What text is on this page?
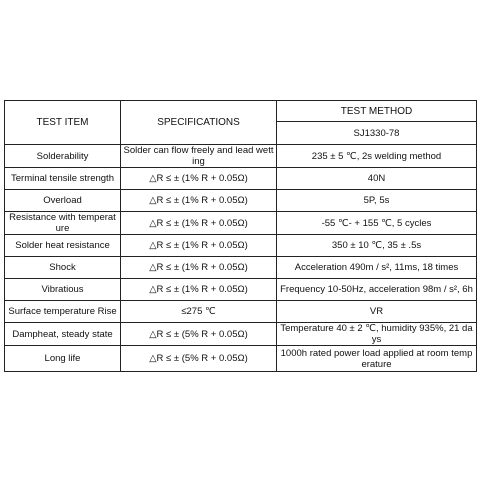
TEST ITEM	SPECIFICATIONS	TEST METHOD
		SJ1330-78
Solderability	Solder can flow freely and lead wetting	235 ± 5 ℃, 2s welding method
Terminal tensile strength	△R ≤ ± (1% R + 0.05Ω)	40N
Overload	△R ≤ ± (1% R + 0.05Ω)	5P, 5s
Resistance with temperature	△R ≤ ± (1% R + 0.05Ω)	-55 ℃- + 155 ℃, 5 cycles
Solder heat resistance	△R ≤ ± (1% R + 0.05Ω)	350 ± 10 ℃, 35 ± .5s
Shock	△R ≤ ± (1% R + 0.05Ω)	Acceleration 490m / s², 11ms, 18 times
Vibratious	△R ≤ ± (1% R + 0.05Ω)	Frequency 10-50Hz, acceleration 98m / s², 6h
Surface temperature Rise	≤275 ℃	VR
Dampheat, steady state	△R ≤ ± (5% R + 0.05Ω)	Temperature 40 ± 2 ℃, humidity 935%, 21 days
Long life	△R ≤ ± (5% R + 0.05Ω)	1000h rated power load applied at room temperature
